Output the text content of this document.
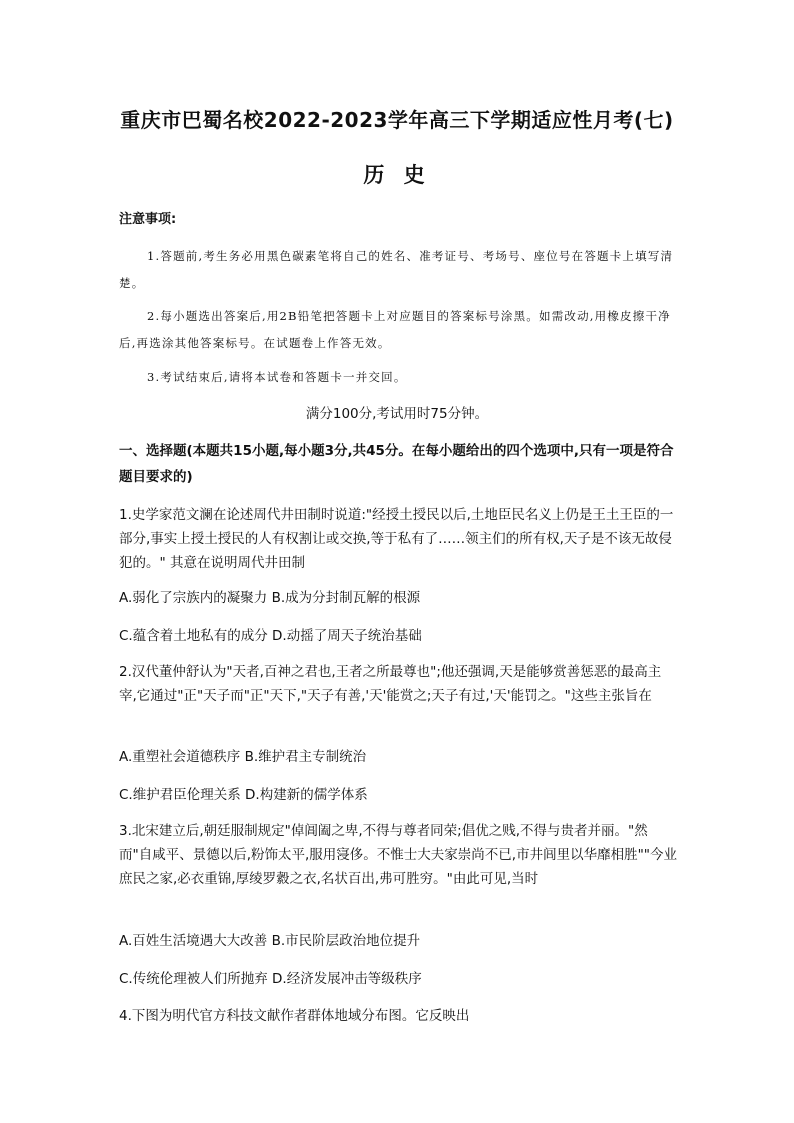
重庆市巴蜀名校2022-2023学年高三下学期适应性月考(七)
历 史
注意事项:
1.答题前,考生务必用黑色碳素笔将自己的姓名、准考证号、考场号、座位号在答题卡上填写清楚。
2.每小题选出答案后,用2B铅笔把答题卡上对应题目的答案标号涂黑。如需改动,用橡皮擦干净后,再选涂其他答案标号。在试题卷上作答无效。
3.考试结束后,请将本试卷和答题卡一并交回。
满分100分,考试用时75分钟。
一、选择题(本题共15小题,每小题3分,共45分。在每小题给出的四个选项中,只有一项是符合题目要求的)
1.史学家范文澜在论述周代井田制时说道:"经授土授民以后,土地臣民名义上仍是王土王臣的一部分,事实上授土授民的人有权割让或交换,等于私有了……领主们的所有权,天子是不该无故侵犯的。" 其意在说明周代井田制
A.弱化了宗族内的凝聚力 B.成为分封制瓦解的根源
C.蕴含着土地私有的成分 D.动摇了周天子统治基础
2.汉代董仲舒认为"天者,百神之君也,王者之所最尊也";他还强调,天是能够赏善惩恶的最高主宰,它通过"正"天子而"正"天下,"天子有善,'天'能赏之;天子有过,'天'能罚之。"这些主张旨在
A.重塑社会道德秩序 B.维护君主专制统治
C.维护君臣伦理关系 D.构建新的儒学体系
3.北宋建立后,朝廷服制规定"倬阊阖之卑,不得与尊者同荣;倡优之贱,不得与贵者并丽。"然而"自咸平、景德以后,粉饰太平,服用寖侈。不惟士大夫家崇尚不已,市井闾里以华靡相胜""今业庶民之家,必衣重锦,厚绫罗縠之衣,名状百出,弗可胜穷。"由此可见,当时
A.百姓生活境遇大大改善 B.市民阶层政治地位提升
C.传统伦理被人们所抛弃 D.经济发展冲击等级秩序
4.下图为明代官方科技文献作者群体地域分布图。它反映出
